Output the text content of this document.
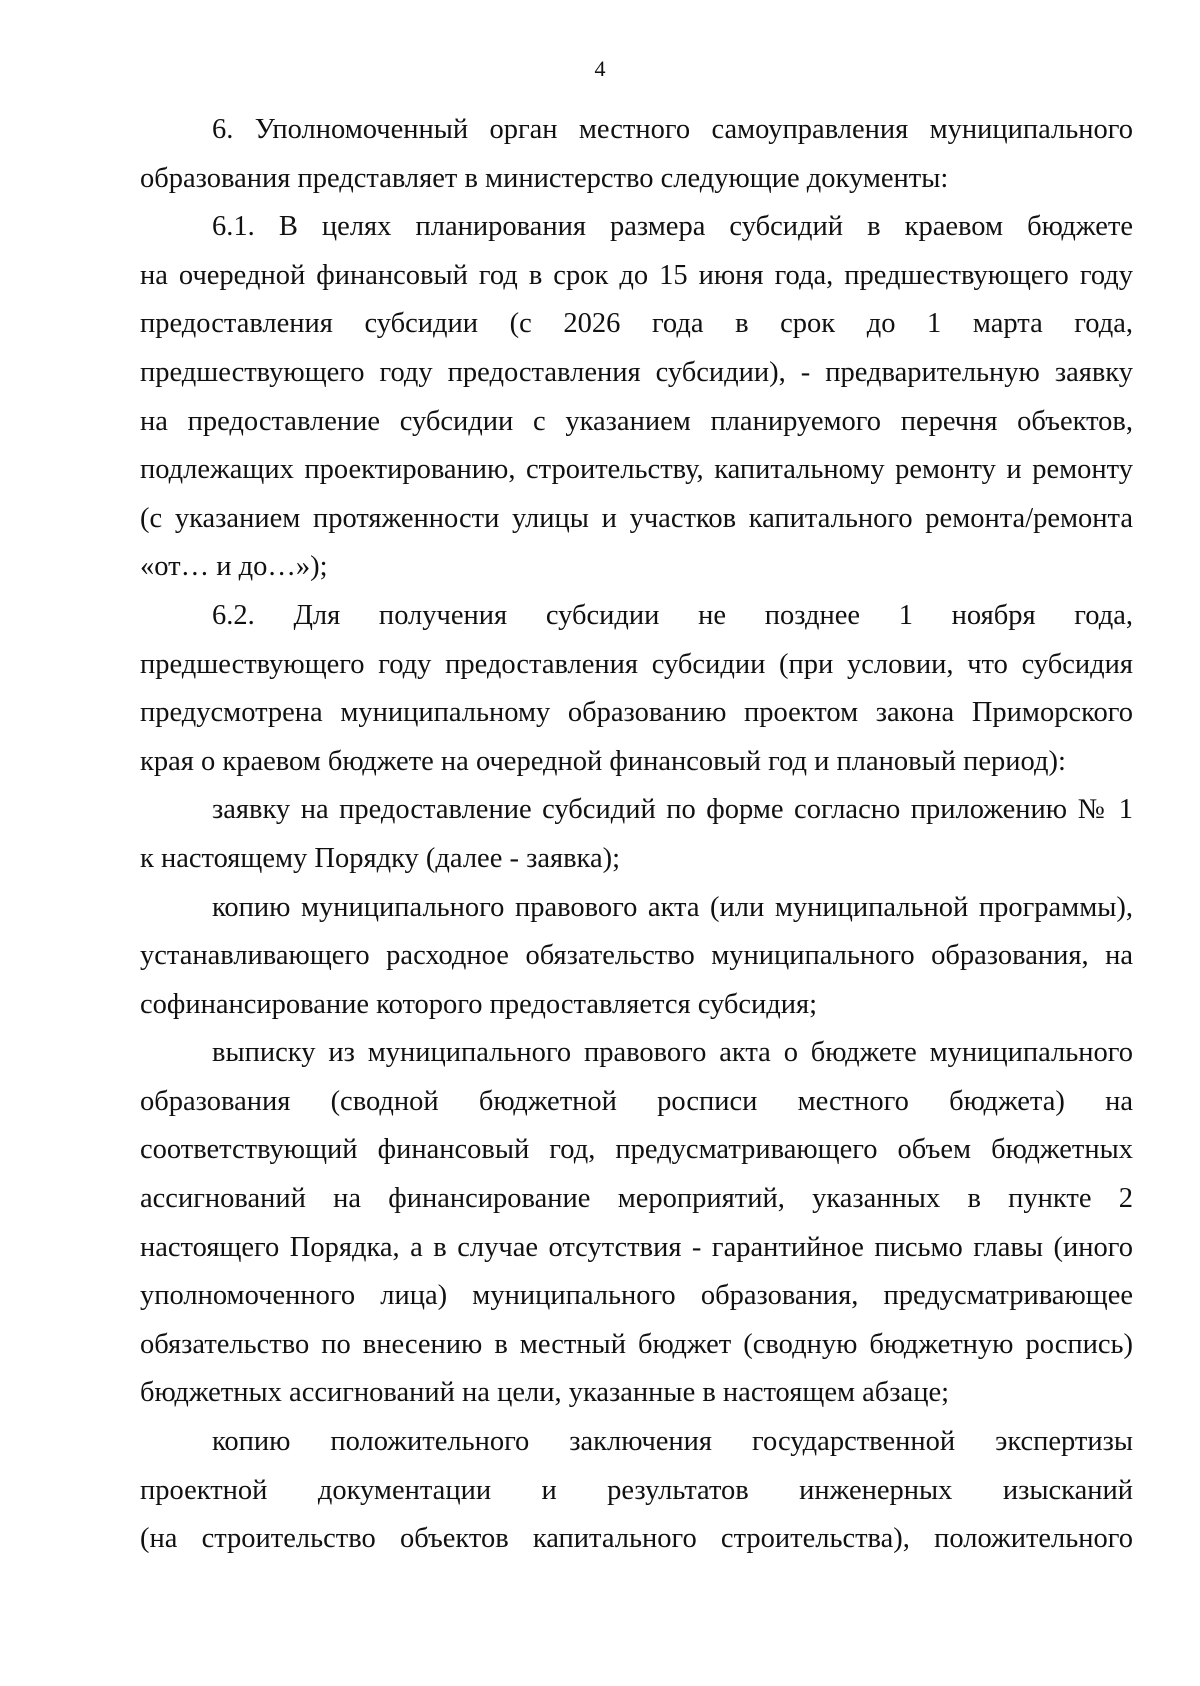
4
6. Уполномоченный орган местного самоуправления муниципального
образования представляет в министерство следующие документы:
6.1. В целях планирования размера субсидий в краевом бюджете
на очередной финансовый год в срок до 15 июня года, предшествующего году
предоставления субсидии (с 2026 года в срок до 1 марта года,
предшествующего году предоставления субсидии), - предварительную заявку
на предоставление субсидии с указанием планируемого перечня объектов,
подлежащих проектированию, строительству, капитальному ремонту и ремонту
(с указанием протяженности улицы и участков капитального ремонта/ремонта
«от… и до…»);
6.2. Для получения субсидии не позднее 1 ноября года,
предшествующего году предоставления субсидии (при условии, что субсидия
предусмотрена муниципальному образованию проектом закона Приморского
края о краевом бюджете на очередной финансовый год и плановый период):
заявку на предоставление субсидий по форме согласно приложению № 1
к настоящему Порядку (далее - заявка);
копию муниципального правового акта (или муниципальной программы),
устанавливающего расходное обязательство муниципального образования, на
софинансирование которого предоставляется субсидия;
выписку из муниципального правового акта о бюджете муниципального
образования (сводной бюджетной росписи местного бюджета) на
соответствующий финансовый год, предусматривающего объем бюджетных
ассигнований на финансирование мероприятий, указанных в пункте 2
настоящего Порядка, а в случае отсутствия - гарантийное письмо главы (иного
уполномоченного лица) муниципального образования, предусматривающее
обязательство по внесению в местный бюджет (сводную бюджетную роспись)
бюджетных ассигнований на цели, указанные в настоящем абзаце;
копию положительного заключения государственной экспертизы
проектной документации и результатов инженерных изысканий
(на строительство объектов капитального строительства), положительного
